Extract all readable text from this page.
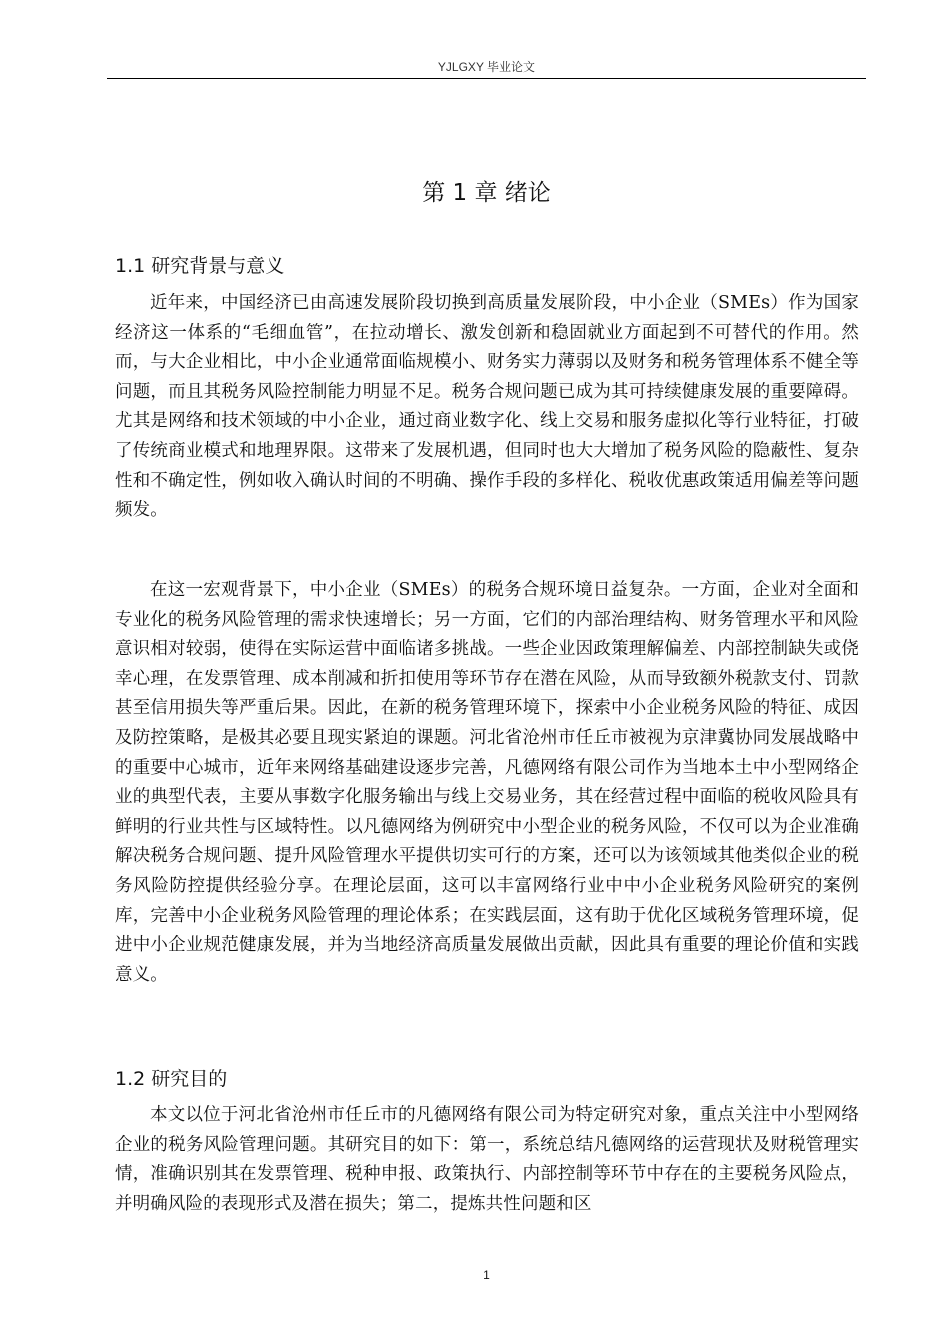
YJLGXY 毕业论文
第 1 章 绪论
1.1 研究背景与意义

近年来，中国经济已由高速发展阶段切换到高质量发展阶段，中小企业（SMEs）作为国家经济这一体系的“毛细血管”，在拉动增长、激发创新和稳固就业方面起到不可替代的作用。然而，与大企业相比，中小企业通常面临规模小、财务实力薄弱以及财务和税务管理体系不健全等问题，而且其税务风险控制能力明显不足。税务合规问题已成为其可持续健康发展的重要障碍。尤其是网络和技术领域的中小企业，通过商业数字化、线上交易和服务虚拟化等行业特征，打破了传统商业模式和地理界限。这带来了发展机遇，但同时也大大增加了税务风险的隐蔽性、复杂性和不确定性，例如收入确认时间的不明确、操作手段的多样化、税收优惠政策适用偏差等问题频发。

在这一宏观背景下，中小企业（SMEs）的税务合规环境日益复杂。一方面，企业对全面和专业化的税务风险管理的需求快速增长；另一方面，它们的内部治理结构、财务管理水平和风险意识相对较弱，使得在实际运营中面临诸多挑战。一些企业因政策理解偏差、内部控制缺失或侥幸心理，在发票管理、成本削减和折扣使用等环节存在潜在风险，从而导致额外税款支付、罚款甚至信用损失等严重后果。因此，在新的税务管理环境下，探索中小企业税务风险的特征、成因及防控策略，是极其必要且现实紧迫的课题。河北省沧州市任丘市被视为京津冀协同发展战略中的重要中心城市，近年来网络基础建设逐步完善，凡德网络有限公司作为当地本土中小型网络企业的典型代表，主要从事数字化服务输出与线上交易业务，其在经营过程中面临的税收风险具有鲜明的行业共性与区域特性。以凡德网络为例研究中小型企业的税务风险，不仅可以为企业准确解决税务合规问题、提升风险管理水平提供切实可行的方案，还可以为该领域其他类似企业的税务风险防控提供经验分享。在理论层面，这可以丰富网络行业中中小企业税务风险研究的案例库，完善中小企业税务风险管理的理论体系；在实践层面，这有助于优化区域税务管理环境，促进中小企业规范健康发展，并为当地经济高质量发展做出贡献，因此具有重要的理论价值和实践意义。

1.2 研究目的

本文以位于河北省沧州市任丘市的凡德网络有限公司为特定研究对象，重点关注中小型网络企业的税务风险管理问题。其研究目的如下：第一，系统总结凡德网络的运营现状及财税管理实情，准确识别其在发票管理、税种申报、政策执行、内部控制等环节中存在的主要税务风险点，并明确风险的表现形式及潜在损失；第二，提炼共性问题和区

1
